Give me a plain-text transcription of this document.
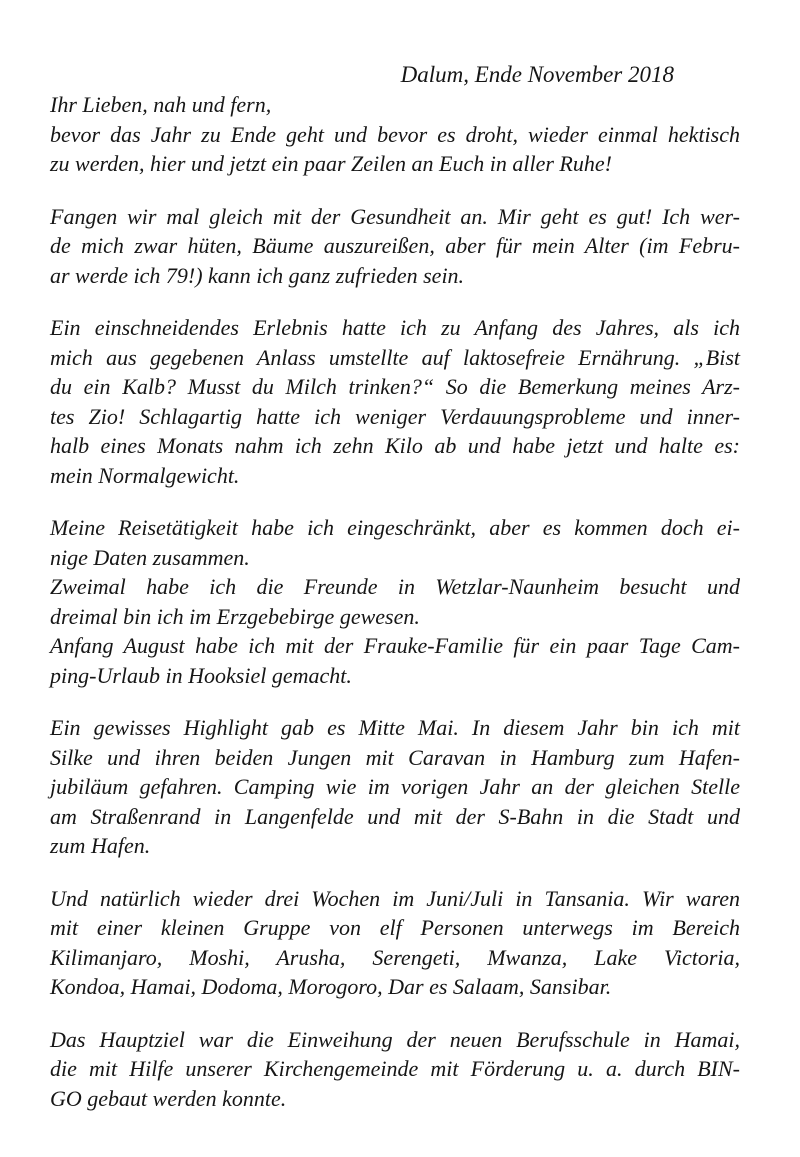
Dalum, Ende November 2018
Ihr Lieben, nah und fern,
bevor das Jahr zu Ende geht und bevor es droht, wieder einmal hektisch
zu werden, hier und jetzt ein paar Zeilen an Euch in aller Ruhe!
Fangen wir mal gleich mit der Gesundheit an. Mir geht es gut! Ich wer-
de mich zwar hüten, Bäume auszureißen, aber für mein Alter (im Febru-
ar werde ich 79!) kann ich ganz zufrieden sein.
Ein einschneidendes Erlebnis hatte ich zu Anfang des Jahres, als ich
mich aus gegebenen Anlass umstellte auf laktosefreie Ernährung. „Bist
du ein Kalb? Musst du Milch trinken?“ So die Bemerkung meines Arz-
tes Zio! Schlagartig hatte ich weniger Verdauungsprobleme und inner-
halb eines Monats nahm ich zehn Kilo ab und habe jetzt und halte es:
mein Normalgewicht.
Meine Reisetätigkeit habe ich eingeschränkt, aber es kommen doch ei-
nige Daten zusammen.
Zweimal habe ich die Freunde in Wetzlar-Naunheim besucht und
dreimal bin ich im Erzgebebirge gewesen.
Anfang August habe ich mit der Frauke-Familie für ein paar Tage Cam-
ping-Urlaub in Hooksiel gemacht.
Ein gewisses Highlight gab es Mitte Mai. In diesem Jahr bin ich mit
Silke und ihren beiden Jungen mit Caravan in Hamburg zum Hafen-
jubiläum gefahren. Camping wie im vorigen Jahr an der gleichen Stelle
am Straßenrand in Langenfelde und mit der S-Bahn in die Stadt und
zum Hafen.
Und natürlich wieder drei Wochen im Juni/Juli in Tansania. Wir waren
mit einer kleinen Gruppe von elf Personen unterwegs im Bereich
Kilimanjaro, Moshi, Arusha, Serengeti, Mwanza, Lake Victoria,
Kondoa, Hamai, Dodoma, Morogoro, Dar es Salaam, Sansibar.
Das Hauptziel war die Einweihung der neuen Berufsschule in Hamai,
die mit Hilfe unserer Kirchengemeinde mit Förderung u. a. durch BIN-
GO gebaut werden konnte.
